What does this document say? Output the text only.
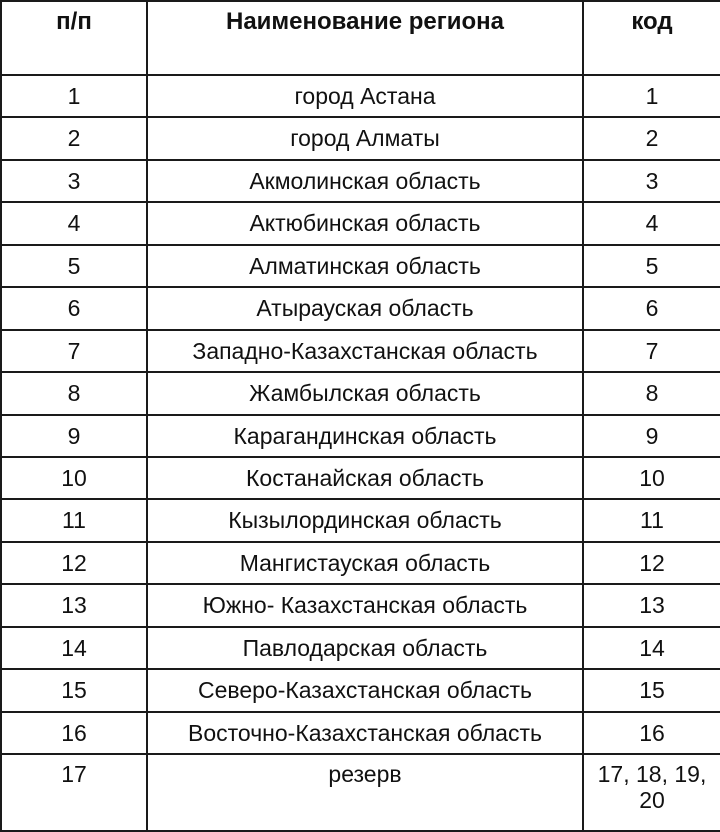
п/п	Наименование региона	код
1	город Астана	1
2	город Алматы	2
3	Акмолинская область	3
4	Актюбинская область	4
5	Алматинская область	5
6	Атырауская область	6
7	Западно-Казахстанская область	7
8	Жамбылская область	8
9	Карагандинская область	9
10	Костанайская область	10
11	Кызылординская область	11
12	Мангистауская область	12
13	Южно- Казахстанская область	13
14	Павлодарская область	14
15	Северо-Казахстанская область	15
16	Восточно-Казахстанская область	16
17	резерв	17, 18, 19, 20
